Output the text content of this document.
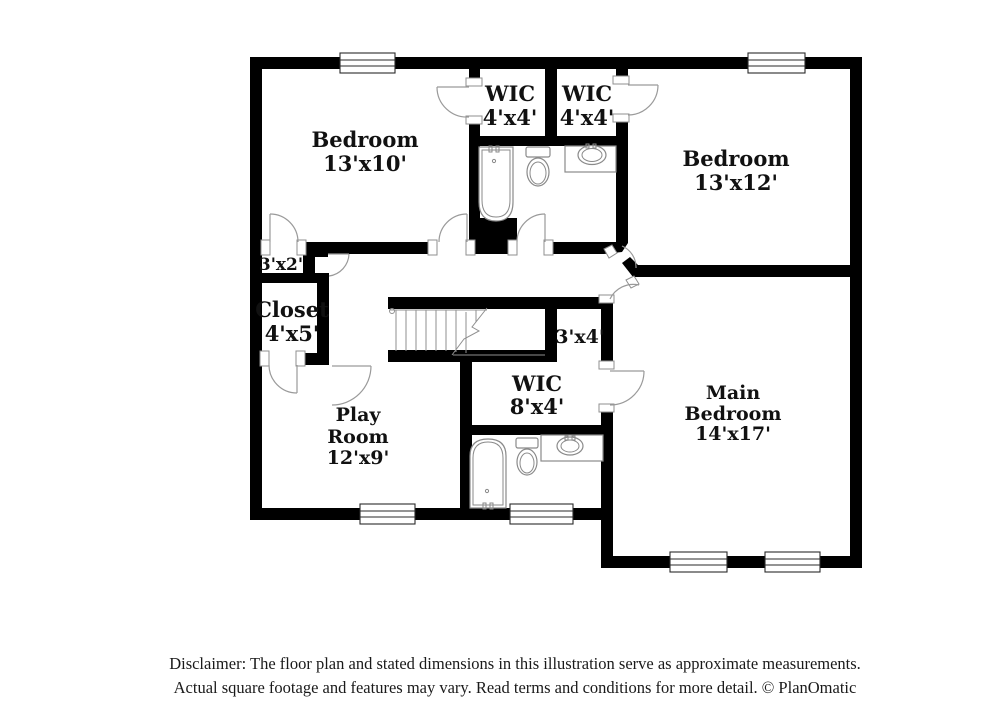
Bedroom
13'x10'
WIC
4'x4'
WIC
4'x4'
Bedroom
13'x12'
3'x2'
Closet
4'x5'	3'x4'
WIC
8'x4'
Play
Room
12'x9'
Main
Bedroom
14'x17'
Disclaimer: The floor plan and stated dimensions in this illustration serve as approximate measurements.
Actual square footage and features may vary. Read terms and conditions for more detail. © PlanOmatic
